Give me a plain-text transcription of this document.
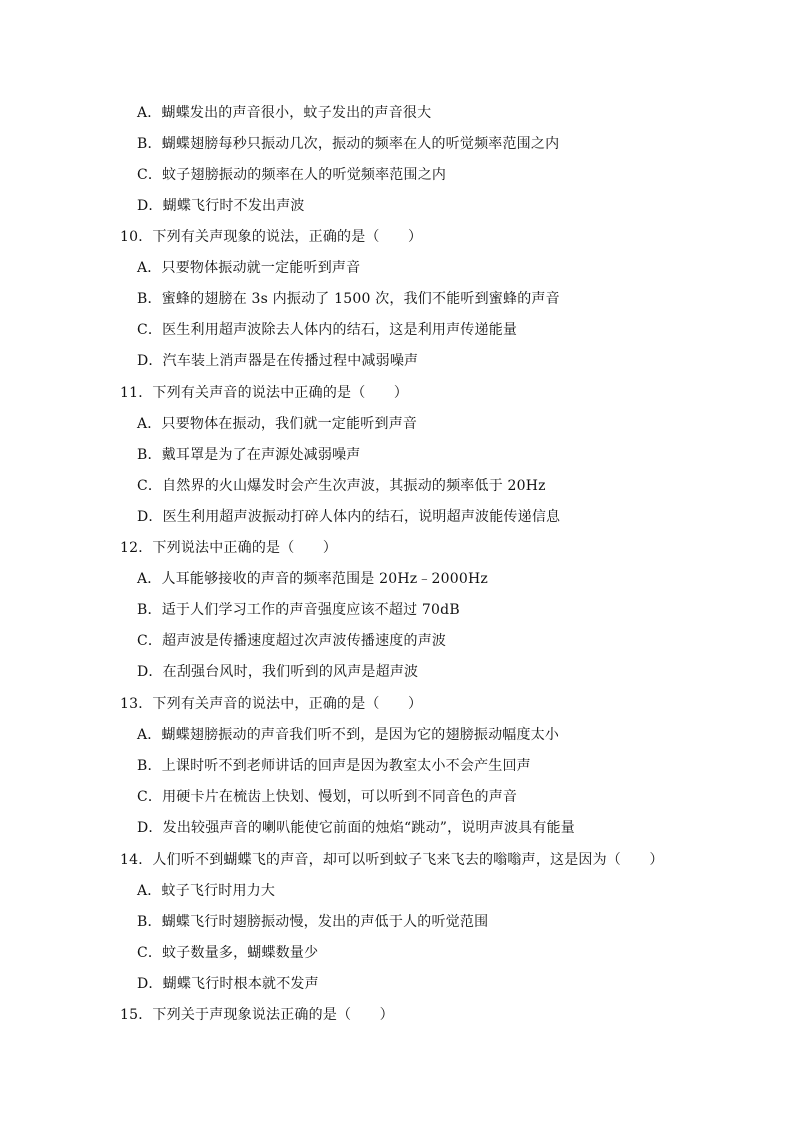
A．蝴蝶发出的声音很小，蚊子发出的声音很大
B．蝴蝶翅膀每秒只振动几次，振动的频率在人的听觉频率范围之内
C．蚊子翅膀振动的频率在人的听觉频率范围之内
D．蝴蝶飞行时不发出声波
10．下列有关声现象的说法，正确的是（　　）
A．只要物体振动就一定能听到声音
B．蜜蜂的翅膀在 3s 内振动了 1500 次，我们不能听到蜜蜂的声音
C．医生利用超声波除去人体内的结石，这是利用声传递能量
D．汽车装上消声器是在传播过程中减弱噪声
11．下列有关声音的说法中正确的是（　　）
A．只要物体在振动，我们就一定能听到声音
B．戴耳罩是为了在声源处减弱噪声
C．自然界的火山爆发时会产生次声波，其振动的频率低于 20Hz
D．医生利用超声波振动打碎人体内的结石，说明超声波能传递信息
12．下列说法中正确的是（　　）
A．人耳能够接收的声音的频率范围是 20Hz﹣2000Hz
B．适于人们学习工作的声音强度应该不超过 70dB
C．超声波是传播速度超过次声波传播速度的声波
D．在刮强台风时，我们听到的风声是超声波
13．下列有关声音的说法中，正确的是（　　）
A．蝴蝶翅膀振动的声音我们听不到，是因为它的翅膀振动幅度太小
B．上课时听不到老师讲话的回声是因为教室太小不会产生回声
C．用硬卡片在梳齿上快划、慢划，可以听到不同音色的声音
D．发出较强声音的喇叭能使它前面的烛焰“跳动”，说明声波具有能量
14．人们听不到蝴蝶飞的声音，却可以听到蚊子飞来飞去的嗡嗡声，这是因为（　　）
A．蚊子飞行时用力大
B．蝴蝶飞行时翅膀振动慢，发出的声低于人的听觉范围
C．蚊子数量多，蝴蝶数量少
D．蝴蝶飞行时根本就不发声
15．下列关于声现象说法正确的是（　　）
